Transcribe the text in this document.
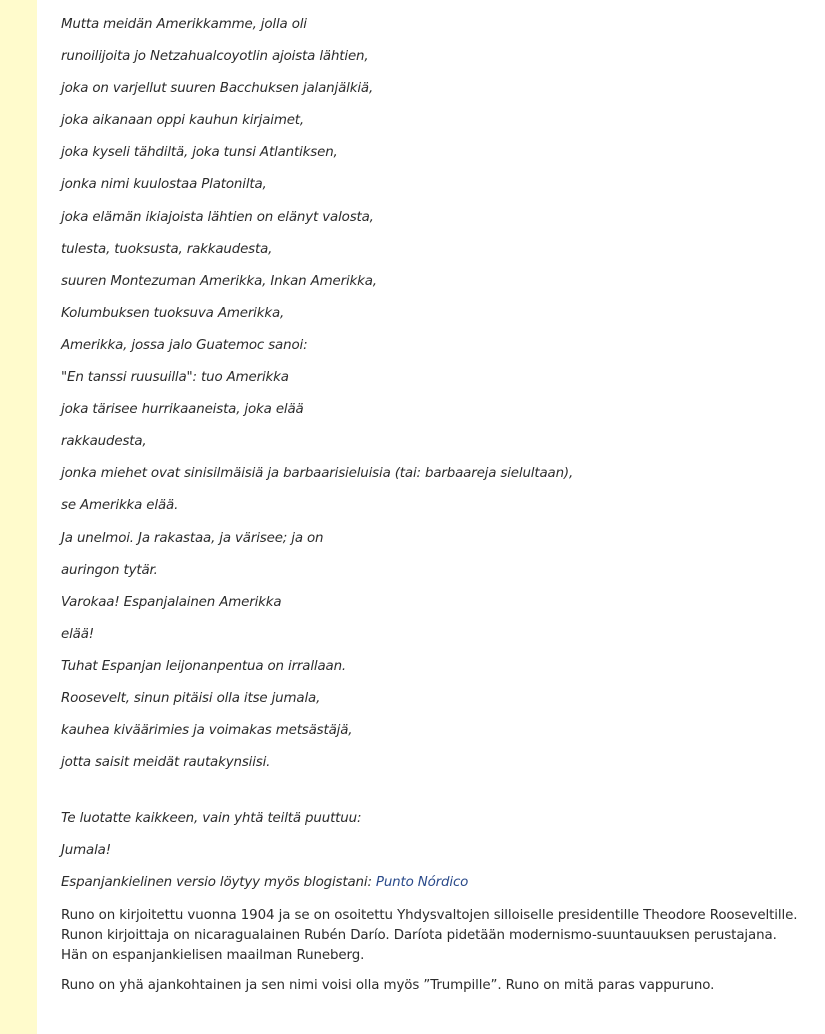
Mutta meidän Amerikkamme, jolla oli
runoilijoita jo Netzahualcoyotlin ajoista lähtien,
joka on varjellut suuren Bacchuksen jalanjälkiä,
joka aikanaan oppi kauhun kirjaimet,
joka kyseli tähdiltä, joka tunsi Atlantiksen,
jonka nimi kuulostaa Platonilta,
joka elämän ikiajoista lähtien on elänyt valosta,
tulesta, tuoksusta, rakkaudesta,
suuren Montezuman Amerikka, Inkan Amerikka,
Kolumbuksen tuoksuva Amerikka,
Amerikka, jossa jalo Guatemoc sanoi:
"En tanssi ruusuilla": tuo Amerikka
joka tärisee hurrikaaneista, joka elää
rakkaudesta,
jonka miehet ovat sinisilmäisiä ja barbaarisieluisia (tai: barbaareja sielultaan),
se Amerikka elää.
Ja unelmoi. Ja rakastaa, ja värisee; ja on
auringon tytär.
Varokaa! Espanjalainen Amerikka
elää!
Tuhat Espanjan leijonanpentua on irrallaan.
Roosevelt, sinun pitäisi olla itse jumala,
kauhea kiväärimies ja voimakas metsästäjä,
jotta saisit meidät rautakynsiisi.
Te luotatte kaikkeen, vain yhtä teiltä puuttuu:
Jumala!
Espanjankielinen versio löytyy myös blogistani: Punto Nórdico

Runo on kirjoitettu vuonna 1904 ja se on osoitettu Yhdysvaltojen silloiselle presidentille Theodore Rooseveltille. Runon kirjoittaja on nicaragualainen Rubén Darío. Daríota pidetään modernismo-suuntauuksen perustajana. Hän on espanjankielisen maailman Runeberg.

Runo on yhä ajankohtainen ja sen nimi voisi olla myös ”Trumpille”. Runo on mitä paras vappuruno.
